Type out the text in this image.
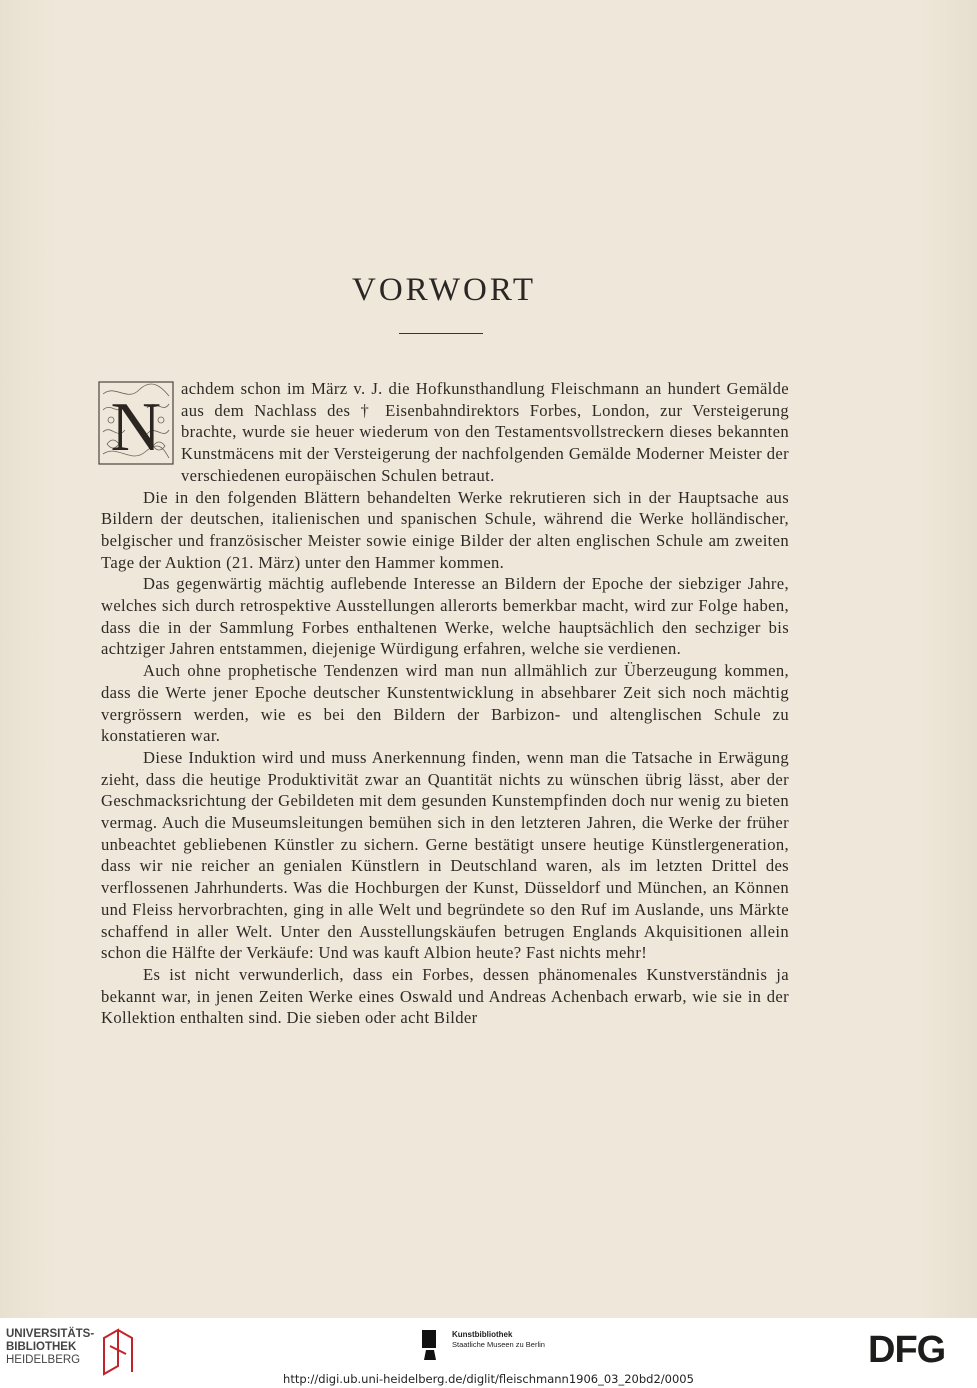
VORWORT

N
achdem schon im März v. J. die Hofkunsthandlung Fleischmann an hundert Gemälde aus dem Nachlass des † Eisenbahndirektors Forbes, London, zur Versteigerung brachte, wurde sie heuer wiederum von den Testamentsvollstreckern dieses bekannten Kunstmäcens mit der Versteigerung der nachfolgenden Gemälde Moderner Meister der verschiedenen europäischen Schulen betraut.

Die in den folgenden Blättern behandelten Werke rekrutieren sich in der Hauptsache aus Bildern der deutschen, italienischen und spanischen Schule, während die Werke holländischer, belgischer und französischer Meister sowie einige Bilder der alten englischen Schule am zweiten Tage der Auktion (21. März) unter den Hammer kommen.

Das gegenwärtig mächtig auflebende Interesse an Bildern der Epoche der siebziger Jahre, welches sich durch retrospektive Ausstellungen allerorts bemerkbar macht, wird zur Folge haben, dass die in der Sammlung Forbes enthaltenen Werke, welche hauptsächlich den sechziger bis achtziger Jahren entstammen, diejenige Würdigung erfahren, welche sie verdienen.

Auch ohne prophetische Tendenzen wird man nun allmählich zur Überzeugung kommen, dass die Werte jener Epoche deutscher Kunstentwicklung in absehbarer Zeit sich noch mächtig vergrössern werden, wie es bei den Bildern der Barbizon- und altenglischen Schule zu konstatieren war.

Diese Induktion wird und muss Anerkennung finden, wenn man die Tatsache in Erwägung zieht, dass die heutige Produktivität zwar an Quantität nichts zu wünschen übrig lässt, aber der Geschmacksrichtung der Gebildeten mit dem gesunden Kunstempfinden doch nur wenig zu bieten vermag. Auch die Museumsleitungen bemühen sich in den letzteren Jahren, die Werke der früher unbeachtet gebliebenen Künstler zu sichern. Gerne bestätigt unsere heutige Künstlergeneration, dass wir nie reicher an genialen Künstlern in Deutschland waren, als im letzten Drittel des verflossenen Jahrhunderts. Was die Hochburgen der Kunst, Düsseldorf und München, an Können und Fleiss hervorbrachten, ging in alle Welt und begründete so den Ruf im Auslande, uns Märkte schaffend in aller Welt. Unter den Ausstellungskäufen betrugen Englands Akquisitionen allein schon die Hälfte der Verkäufe: Und was kauft Albion heute? Fast nichts mehr!

Es ist nicht verwunderlich, dass ein Forbes, dessen phänomenales Kunstverständnis ja bekannt war, in jenen Zeiten Werke eines Oswald und Andreas Achenbach erwarb, wie sie in der Kollektion enthalten sind. Die sieben oder acht Bilder

UNIVERSITÄTS-
BIBLIOTHEK
HEIDELBERG
Kunstbibliothek
Staatliche Museen zu Berlin	DFG
http://digi.ub.uni-heidelberg.de/diglit/fleischmann1906_03_20bd2/0005
